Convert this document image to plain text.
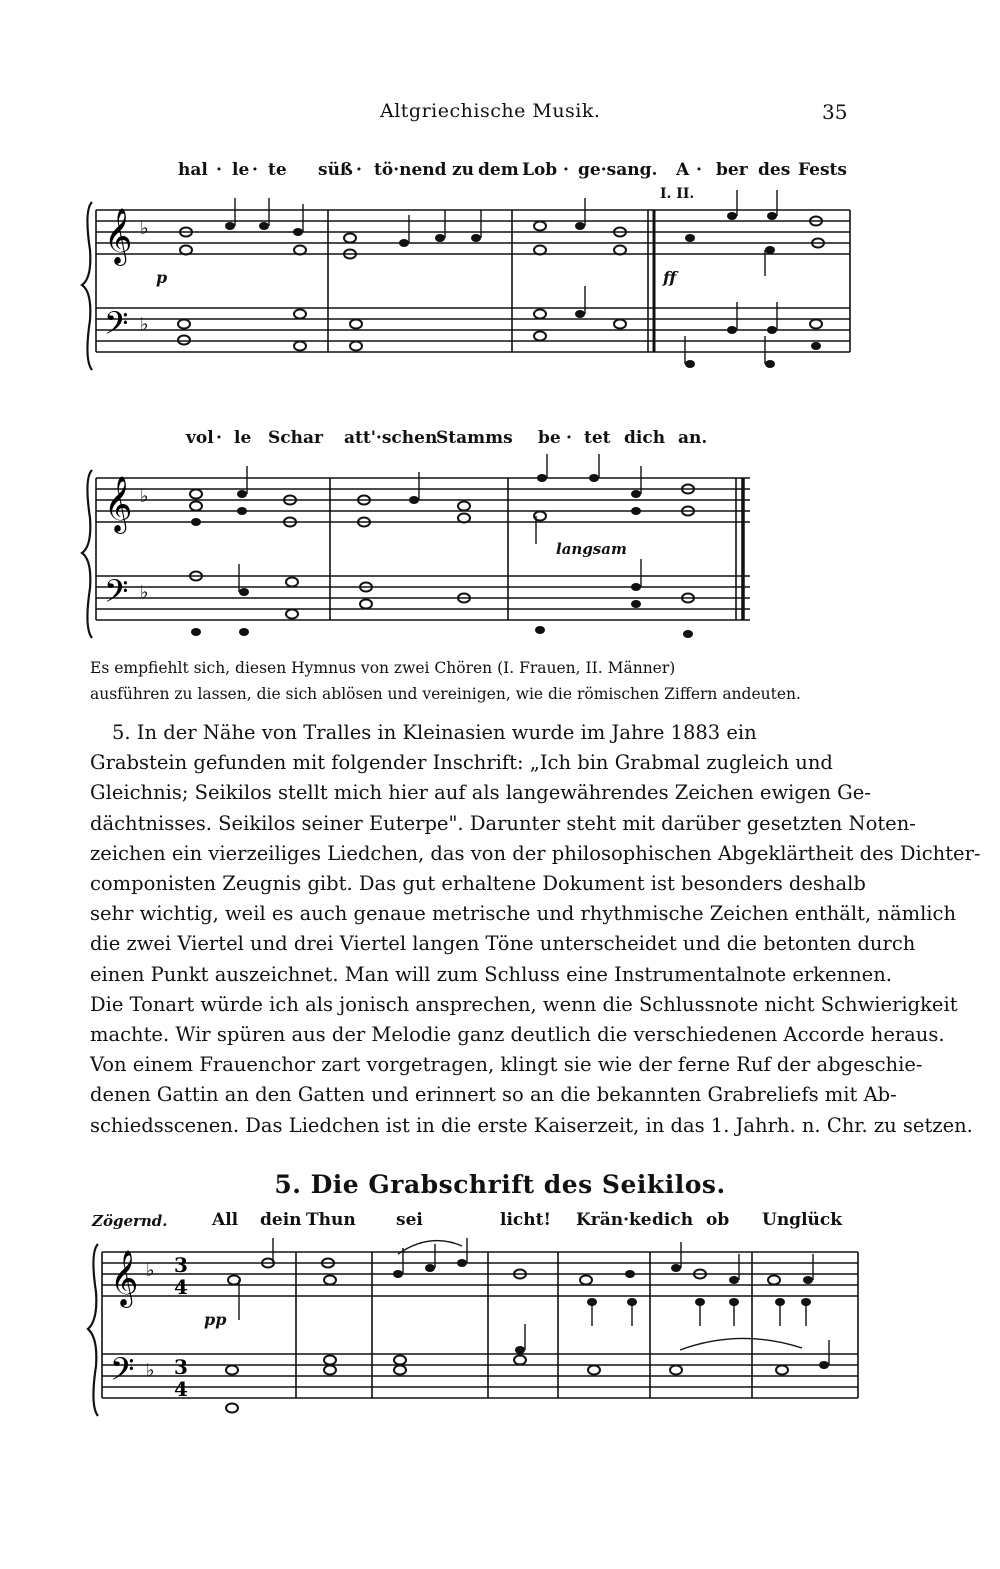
Altgriechische Musik.	35
hal · le · te süß · tö·nend zu dem Lob · ge·sang. A · ber des Fests
I. II.
p	ff
𝄞
𝄢
♭
♭
vol · le Schar att'·schen
Stamms be · tet dich an.
langsam
𝄞
𝄢
♭
♭
Es empfiehlt sich, diesen Hymnus von zwei Chören (I. Frauen, II. Männer)
ausführen zu lassen, die sich ablösen und vereinigen, wie die römischen Ziffern andeuten.
5. In der Nähe von Tralles in Kleinasien wurde im Jahre 1883 ein
Grabstein gefunden mit folgender Inschrift: „Ich bin Grabmal zugleich und
Gleichnis; Seikilos stellt mich hier auf als langewährendes Zeichen ewigen Ge-
dächtnisses. Seikilos seiner Euterpe". Darunter steht mit darüber gesetzten Noten-
zeichen ein vierzeiliges Liedchen, das von der philosophischen Abgeklärtheit des Dichter-
componisten Zeugnis gibt. Das gut erhaltene Dokument ist besonders deshalb
sehr wichtig, weil es auch genaue metrische und rhythmische Zeichen enthält, nämlich
die zwei Viertel und drei Viertel langen Töne unterscheidet und die betonten durch
einen Punkt auszeichnet. Man will zum Schluss eine Instrumentalnote erkennen.
Die Tonart würde ich als jonisch ansprechen, wenn die Schlussnote nicht Schwierigkeit
machte. Wir spüren aus der Melodie ganz deutlich die verschiedenen Accorde heraus.
Von einem Frauenchor zart vorgetragen, klingt sie wie der ferne Ruf der abgeschie-
denen Gattin an den Gatten und erinnert so an die bekannten Grabreliefs mit Ab-
schiedsscenen. Das Liedchen ist in die erste Kaiserzeit, in das 1. Jahrh. n. Chr. zu setzen.
5. Die Grabschrift des Seikilos.
Zögernd.	All dein Thun sei	licht! Krän·ke dich ob Unglück
pp
𝄞
𝄢
♭
♭
3
4
3
4
